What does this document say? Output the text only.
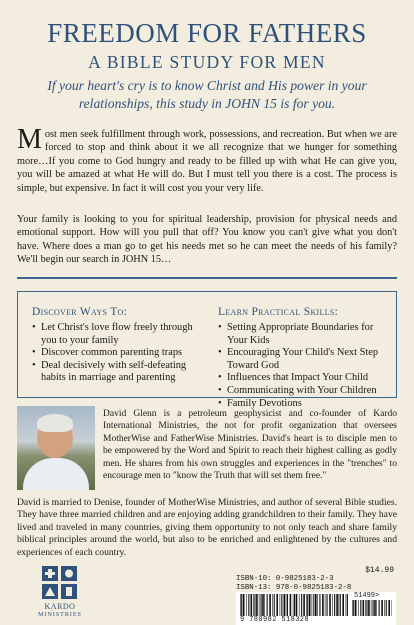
FREEDOM FOR FATHERS
A BIBLE STUDY FOR MEN
If your heart's cry is to know Christ and His power in your relationships, this study in JOHN 15 is for you.
Most men seek fulfillment through work, possessions, and recreation. But when we are forced to stop and think about it we all recognize that we hunger for something more…If you come to God hungry and ready to be filled up with what He can give you, you will be amazed at what He will do. But I must tell you there is a cost. The process is simple, but expensive. In fact it will cost you your very life.
Your family is looking to you for spiritual leadership, provision for physical needs and emotional support. How will you pull that off? You know you can't give what you don't have. Where does a man go to get his needs met so he can meet the needs of his family? We'll begin our search in JOHN 15…
Discover Ways To:
• Let Christ's love flow freely through you to your family
• Discover common parenting traps
• Deal decisively with self-defeating habits in marriage and parenting
Learn Practical Skills:
• Setting Appropriate Boundaries for Your Kids
• Encouraging Your Child's Next Step Toward God
• Influences that Impact Your Child
• Communicating with Your Children
• Family Devotions
David Glenn is a petroleum geophysicist and co-founder of Kardo International Ministries, the not for profit organization that oversees MotherWise and FatherWise Ministries. David's heart is to disciple men to be empowered by the Word and Spirit to reach their highest calling as godly men. He shares from his own struggles and experiences in the "trenches" to encourage men to "know the Truth that will set them free."
David is married to Denise, founder of MotherWise Ministries, and author of several Bible studies. They have three married children and are enjoying adding grandchildren to their family. They have lived and traveled in many countries, giving them opportunity to not only teach and share family biblical principles around the world, but also to be enriched and enlightened by the cultures and experiences of each country.
KARDO
MINISTRIES
$14.99
ISBN-10: 0-9825183-2-3
ISBN-13: 978-0-9825183-2-8
51499>
9 780982 518328
